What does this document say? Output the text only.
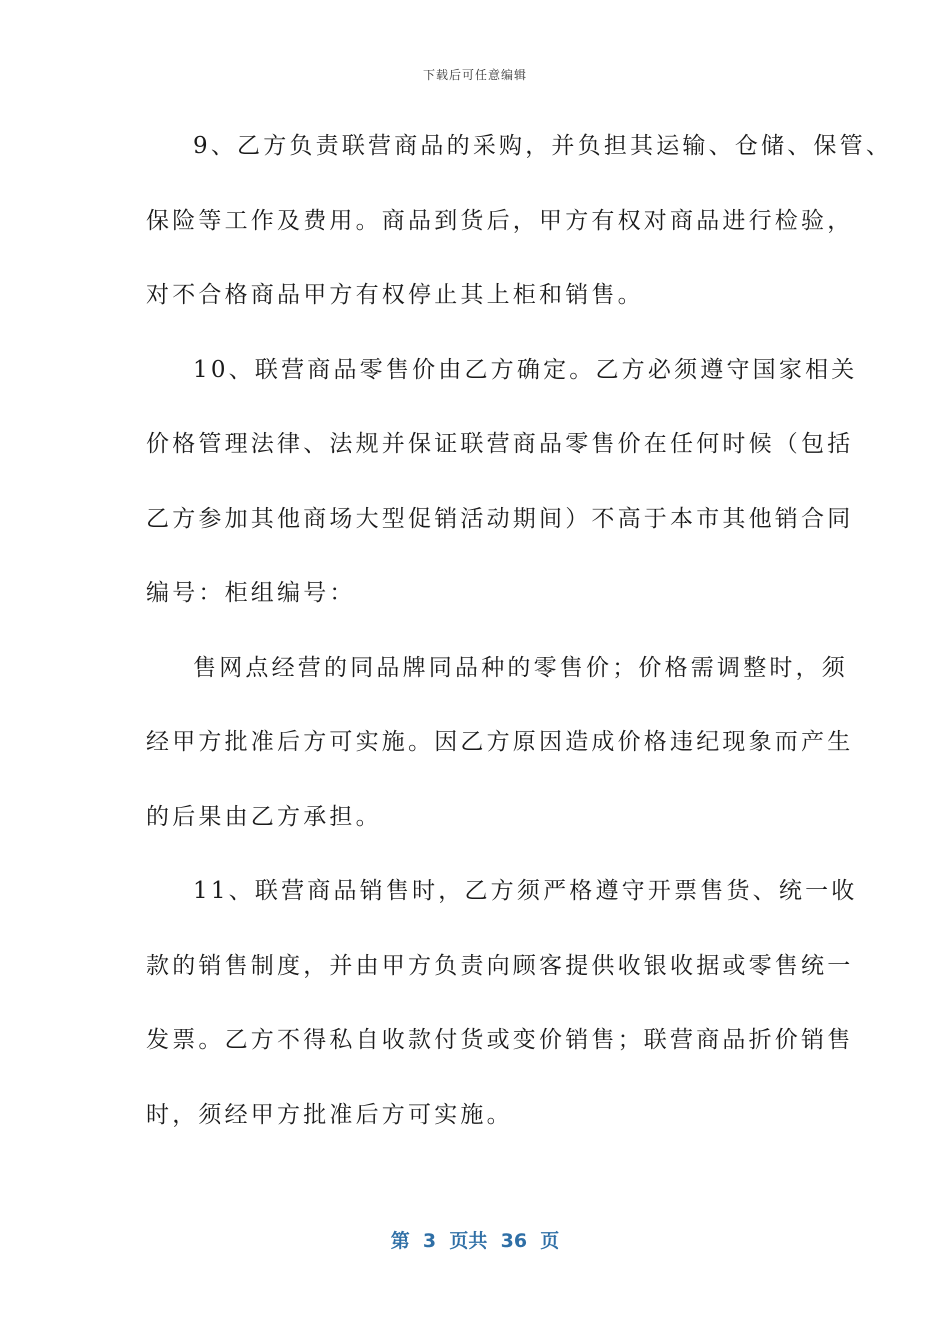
下载后可任意编辑
9、乙方负责联营商品的采购，并负担其运输、仓储、保管、
保险等工作及费用。商品到货后，甲方有权对商品进行检验，
对不合格商品甲方有权停止其上柜和销售。
10、联营商品零售价由乙方确定。乙方必须遵守国家相关
价格管理法律、法规并保证联营商品零售价在任何时候（包括
乙方参加其他商场大型促销活动期间）不高于本市其他销合同
编号：柜组编号：
售网点经营的同品牌同品种的零售价；价格需调整时，须
经甲方批准后方可实施。因乙方原因造成价格违纪现象而产生
的后果由乙方承担。
11、联营商品销售时，乙方须严格遵守开票售货、统一收
款的销售制度，并由甲方负责向顾客提供收银收据或零售统一
发票。乙方不得私自收款付货或变价销售；联营商品折价销售
时，须经甲方批准后方可实施。
第  3  页共  36  页
